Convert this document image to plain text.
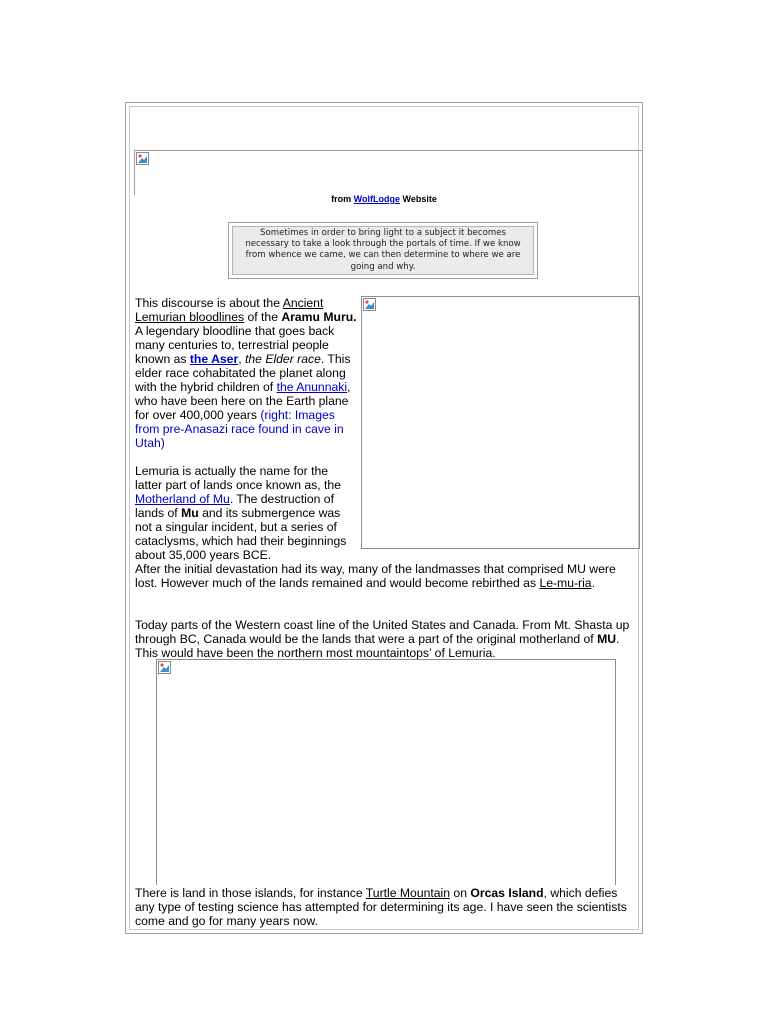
from WolfLodge Website
Sometimes in order to bring light to a subject it becomes necessary to take a look through the portals of time. If we know from whence we came, we can then determine to where we are going and why.
This discourse is about the Ancient Lemurian bloodlines of the Aramu Muru. A legendary bloodline that goes back many centuries to, terrestrial people known as the Aser, the Elder race. This elder race cohabitated the planet along with the hybrid children of the Anunnaki, who have been here on the Earth plane for over 400,000 years (right: Images from pre-Anasazi race found in cave in Utah)
Lemuria is actually the name for the latter part of lands once known as, the Motherland of Mu. The destruction of lands of Mu and its submergence was not a singular incident, but a series of cataclysms, which had their beginnings about 35,000 years BCE.
After the initial devastation had its way, many of the landmasses that comprised MU were lost. However much of the lands remained and would become rebirthed as Le-mu-ria.
Today parts of the Western coast line of the United States and Canada. From Mt. Shasta up through BC, Canada would be the lands that were a part of the original motherland of MU. This would have been the northern most mountaintops’ of Lemuria.
There is land in those islands, for instance Turtle Mountain on Orcas Island, which defies any type of testing science has attempted for determining its age. I have seen the scientists come and go for many years now.
